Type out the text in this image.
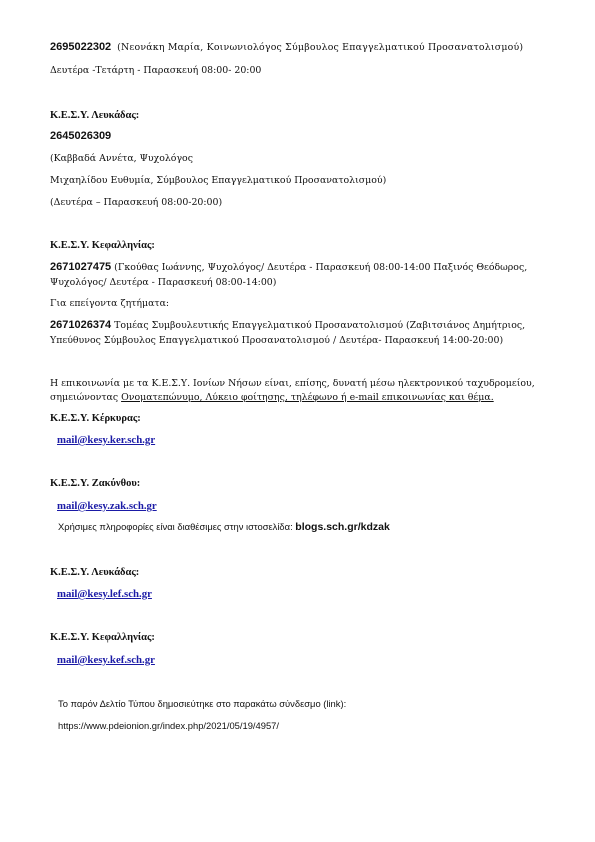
2695022302 (Νεονάκη Μαρία, Κοινωνιολόγος Σύμβουλος Επαγγελματικού Προσανατολισμού)
Δευτέρα -Τετάρτη - Παρασκευή 08:00- 20:00
Κ.Ε.Σ.Υ. Λευκάδας:
2645026309
(Καββαδά Αννέτα, Ψυχολόγος
Μιχαηλίδου Ευθυμία, Σύμβουλος Επαγγελματικού Προσανατολισμού)
(Δευτέρα – Παρασκευή 08:00-20:00)
Κ.Ε.Σ.Υ. Κεφαλληνίας:
2671027475 (Γκούθας Ιωάννης, Ψυχολόγος/ Δευτέρα - Παρασκευή 08:00-14:00 Παξινός Θεόδωρος,
Ψυχολόγος/ Δευτέρα - Παρασκευή 08:00-14:00)
Για επείγοντα ζητήματα:
2671026374 Τομέας Συμβουλευτικής Επαγγελματικού Προσανατολισμού (Ζαβιτσιάνος Δημήτριος,
Υπεύθυνος Σύμβουλος Επαγγελματικού Προσανατολισμού / Δευτέρα- Παρασκευή 14:00-20:00)
Η επικοινωνία με τα Κ.Ε.Σ.Υ. Ιονίων Νήσων είναι, επίσης, δυνατή μέσω ηλεκτρονικού ταχυδρομείου,
σημειώνοντας Ονοματεπώνυμο, Λύκειο φοίτησης, τηλέφωνο ή e-mail επικοινωνίας και θέμα.
Κ.Ε.Σ.Υ. Κέρκυρας:
mail@kesy.ker.sch.gr
Κ.Ε.Σ.Υ. Ζακύνθου:
mail@kesy.zak.sch.gr
Χρήσιμες πληροφορίες είναι διαθέσιμες στην ιστοσελίδα: blogs.sch.gr/kdzak
Κ.Ε.Σ.Υ. Λευκάδας:
mail@kesy.lef.sch.gr
Κ.Ε.Σ.Υ. Κεφαλληνίας:
mail@kesy.kef.sch.gr
Το παρόν Δελτίο Τύπου δημοσιεύτηκε στο παρακάτω σύνδεσμο (link):
https://www.pdeionion.gr/index.php/2021/05/19/4957/
